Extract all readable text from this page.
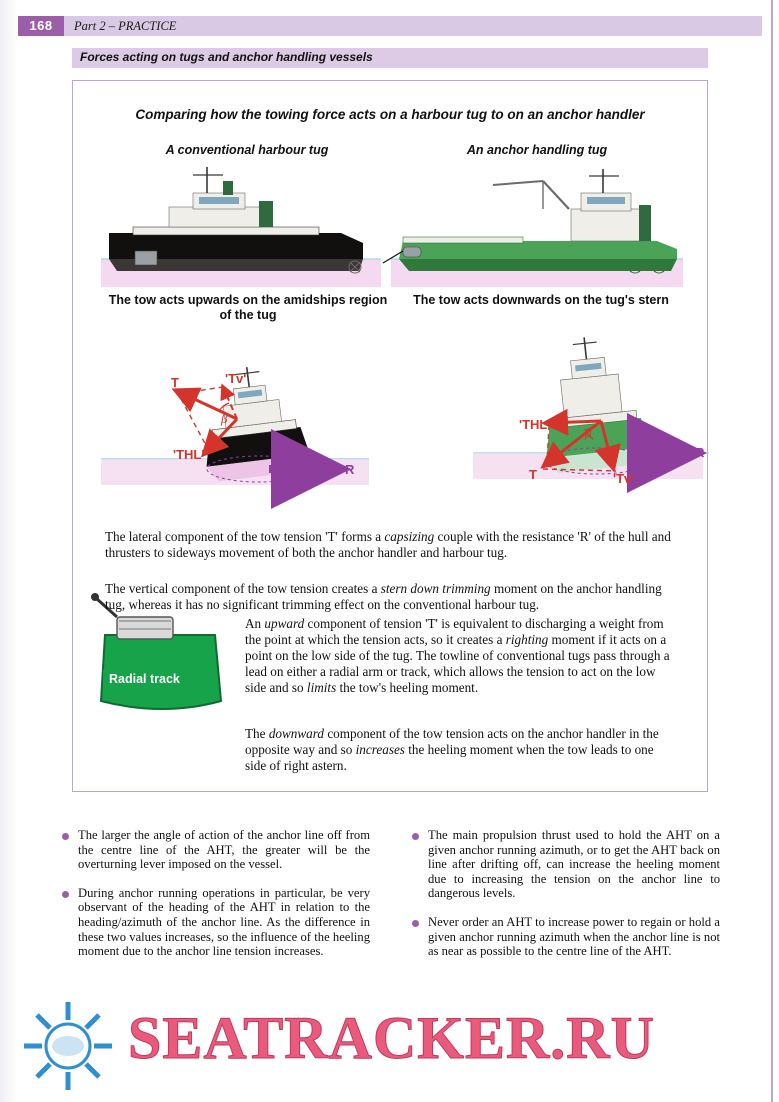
168	Part 2 – PRACTICE
Forces acting on tugs and anchor handling vessels
Comparing how the towing force acts on a harbour tug to on an anchor handler
A conventional harbour tug	An anchor handling tug
T	'Tv'
'THL'
β
R
'THL'
T	'Tv'
β
R
Radial track
The tow acts upwards on the amidships region of the tug
The tow acts downwards on the tug's stern
The lateral component of the tow tension 'T' forms a capsizing couple with the resistance 'R' of the hull and thrusters to sideways movement of both the anchor handler and harbour tug.
The vertical component of the tow tension creates a stern down trimming moment on the anchor handling tug, whereas it has no significant trimming effect on the conventional harbour tug.
An upward component of tension 'T' is equivalent to discharging a weight from the point at which the tension acts, so it creates a righting moment if it acts on a point on the low side of the tug. The towline of conventional tugs pass through a lead on either a radial arm or track, which allows the tension to act on the low side and so limits the tow's heeling moment.
The downward component of the tow tension acts on the anchor handler in the opposite way and so increases the heeling moment when the tow leads to one side of right astern.
The larger the angle of action of the anchor line off from the centre line of the AHT, the greater will be the overturning lever imposed on the vessel.
During anchor running operations in particular, be very observant of the heading of the AHT in relation to the heading/azimuth of the anchor line. As the difference in these two values increases, so the influence of the heeling moment due to the anchor line tension increases.
The main propulsion thrust used to hold the AHT on a given anchor running azimuth, or to get the AHT back on line after drifting off, can increase the heeling moment due to increasing the tension on the anchor line to dangerous levels.
Never order an AHT to increase power to regain or hold a given anchor running azimuth when the anchor line is not as near as possible to the centre line of the AHT.
SEATRACKER.RU
